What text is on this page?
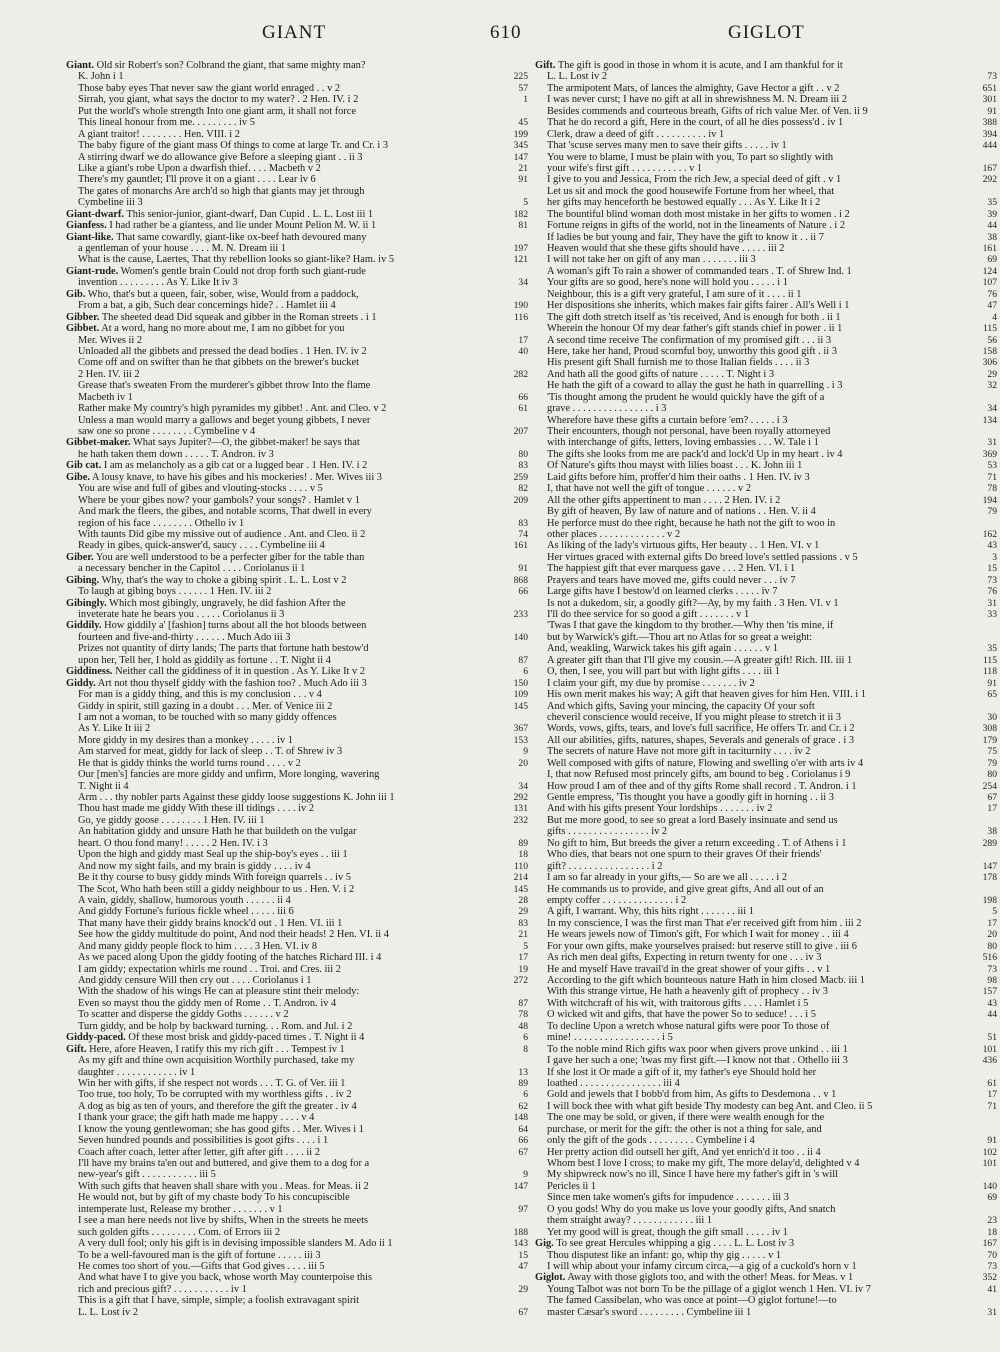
GIANT	610	GIGLOT
Giant. Old sir Robert's son? Colbrand the giant, that same mighty man?
K. John i 1	225
Those baby eyes That never saw the giant world enraged . . v 2	57
Sirrah, you giant, what says the doctor to my water? . 2 Hen. IV. i 2	1
Put the world's whole strength Into one giant arm, it shall not force
This lineal honour from me. . . . . . . . . iv 5	45
A giant traitor! . . . . . . . . Hen. VIII. i 2	199
The baby figure of the giant mass Of things to come at large Tr. and Cr. i 3	345
A stirring dwarf we do allowance give Before a sleeping giant . . ii 3	147
Like a giant's robe Upon a dwarfish thief. . . . Macbeth v 2	21
There's my gauntlet; I'll prove it on a giant . . . . Lear iv 6	91
The gates of monarchs Are arch'd so high that giants may jet through
Cymbeline iii 3	5
Giant-dwarf. This senior-junior, giant-dwarf, Dan Cupid . L. L. Lost iii 1	182
Gianfess. I had rather be a giantess, and lie under Mount Pelion M. W. ii 1	81
Giant-like. That same cowardly, giant-like ox-beef hath devoured many
a gentleman of your house . . . . M. N. Dream iii 1	197
What is the cause, Laertes, That thy rebellion looks so giant-like? Ham. iv 5	121
Giant-rude. Women's gentle brain Could not drop forth such giant-rude
invention . . . . . . . . . As Y. Like It iv 3	34
Gib. Who, that's but a queen, fair, sober, wise, Would from a paddock,
From a bat, a gib, Such dear concernings hide? . . Hamlet iii 4	190
Gibber. The sheeted dead Did squeak and gibber in the Roman streets . i 1	116
Gibbet. At a word, hang no more about me, I am no gibbet for you
Mer. Wives ii 2	17
Unloaded all the gibbets and pressed the dead bodies . 1 Hen. IV. iv 2	40
Come off and on swifter than he that gibbets on the brewer's bucket
2 Hen. IV. iii 2	282
Grease that's sweaten From the murderer's gibbet throw Into the flame
Macbeth iv 1	66
Rather make My country's high pyramides my gibbet! . Ant. and Cleo. v 2	61
Unless a man would marry a gallows and beget young gibbets, I never
saw one so prone . . . . . . . . Cymbeline v 4	207
Gibbet-maker. What says Jupiter?—O, the gibbet-maker! he says that
he hath taken them down . . . . . T. Andron. iv 3	80
Gib cat. I am as melancholy as a gib cat or a lugged bear . 1 Hen. IV. i 2	83
Gibe. A lousy knave, to have his gibes and his mockeries! . Mer. Wives iii 3	259
You are wise and full of gibes and vlouting-stocks . . . . v 5	82
Where be your gibes now? your gambols? your songs? . Hamlet v 1	209
And mark the fleers, the gibes, and notable scorns, That dwell in every
region of his face . . . . . . . . Othello iv 1	83
With taunts Did gibe my missive out of audience . Ant. and Cleo. ii 2	74
Ready in gibes, quick-answer'd, saucy . . . . Cymbeline iii 4	161
Giber. You are well understood to be a perfecter giber for the table than
a necessary bencher in the Capitol . . . . Coriolanus ii 1	91
Gibing. Why, that's the way to choke a gibing spirit . L. L. Lost v 2	868
To laugh at gibing boys . . . . . . 1 Hen. IV. iii 2	66
Gibingly. Which most gibingly, ungravely, he did fashion After the
inveterate hate he bears you . . . . . Coriolanus ii 3	233
Giddily. How giddily a' [fashion] turns about all the hot bloods between
fourteen and five-and-thirty . . . . . . Much Ado iii 3	140
Prizes not quantity of dirty lands; The parts that fortune hath bestow'd
upon her, Tell her, I hold as giddily as fortune . . T. Night ii 4	87
Giddiness. Neither call the giddiness of it in question . As Y. Like It v 2	6
Giddy. Art not thou thyself giddy with the fashion too? . Much Ado iii 3	150
For man is a giddy thing, and this is my conclusion . . . v 4	109
Giddy in spirit, still gazing in a doubt . . . Mer. of Venice iii 2	145
I am not a woman, to be touched with so many giddy offences
As Y. Like It iii 2	367
More giddy in my desires than a monkey . . . . . iv 1	153
Am starved for meat, giddy for lack of sleep . . T. of Shrew iv 3	9
He that is giddy thinks the world turns round . . . . v 2	20
Our [men's] fancies are more giddy and unfirm, More longing, wavering
T. Night ii 4	34
Arm . . . thy nobler parts Against these giddy loose suggestions K. John iii 1	292
Thou hast made me giddy With these ill tidings . . . . iv 2	131
Go, ye giddy goose . . . . . . . . 1 Hen. IV. iii 1	232
An habitation giddy and unsure Hath he that buildeth on the vulgar
heart. O thou fond many! . . . . . 2 Hen. IV. i 3	89
Upon the high and giddy mast Seal up the ship-boy's eyes . . iii 1	18
And now my sight fails, and my brain is giddy . . . . iv 4	110
Be it thy course to busy giddy minds With foreign quarrels . . iv 5	214
The Scot, Who hath been still a giddy neighbour to us . Hen. V. i 2	145
A vain, giddy, shallow, humorous youth . . . . . . ii 4	28
And giddy Fortune's furious fickle wheel . . . . . iii 6	29
That many have their giddy brains knock'd out . 1 Hen. VI. iii 1	83
See how the giddy multitude do point, And nod their heads! 2 Hen. VI. ii 4	21
And many giddy people flock to him . . . . 3 Hen. VI. iv 8	5
As we paced along Upon the giddy footing of the hatches Richard III. i 4	17
I am giddy; expectation whirls me round . . Troi. and Cres. iii 2	19
And giddy censure Will then cry out . . . . Coriolanus i 1	272
With the shadow of his wings He can at pleasure stint their melody:
Even so mayst thou the giddy men of Rome . . T. Andron. iv 4	87
To scatter and disperse the giddy Goths . . . . . . v 2	78
Turn giddy, and be holp by backward turning. . . Rom. and Jul. i 2	48
Giddy-paced. Of these most brisk and giddy-paced times . T. Night ii 4	6
Gift. Here, afore Heaven, I ratify this my rich gift . . . Tempest iv 1	8
As my gift and thine own acquisition Worthily purchased, take my
daughter . . . . . . . . . . . . iv 1	13
Win her with gifts, if she respect not words . . . T. G. of Ver. iii 1	89
Too true, too holy, To be corrupted with my worthless gifts . . iv 2	6
A dog as big as ten of yours, and therefore the gift the greater . iv 4	62
I thank your grace; the gift hath made me happy . . . . v 4	148
I know the young gentlewoman; she has good gifts . . Mer. Wives i 1	64
Seven hundred pounds and possibilities is goot gifts . . . . i 1	66
Coach after coach, letter after letter, gift after gift . . . . ii 2	67
I'll have my brains ta'en out and buttered, and give them to a dog for a
new-year's gift . . . . . . . . . . . iii 5	9
With such gifts that heaven shall share with you . Meas. for Meas. ii 2	147
He would not, but by gift of my chaste body To his concupiscible
intemperate lust, Release my brother . . . . . . . v 1	97
I see a man here needs not live by shifts, When in the streets he meets
such golden gifts . . . . . . . . . Com. of Errors iii 2	188
A very dull fool; only his gift is in devising impossible slanders M. Ado ii 1	143
To be a well-favoured man is the gift of fortune . . . . . iii 3	15
He comes too short of you.—Gifts that God gives . . . . iii 5	47
And what have I to give you back, whose worth May counterpoise this
rich and precious gift? . . . . . . . . . . . iv 1	29
This is a gift that I have, simple, simple; a foolish extravagant spirit
L. L. Lost iv 2	67
Gift. The gift is good in those in whom it is acute, and I am thankful for it
L. L. Lost iv 2	73
The armipotent Mars, of lances the almighty, Gave Hector a gift . . v 2	651
I was never curst; I have no gift at all in shrewishness M. N. Dream iii 2	301
Besides commends and courteous breath, Gifts of rich value Mer. of Ven. ii 9	91
That he do record a gift, Here in the court, of all he dies possess'd . iv 1	388
Clerk, draw a deed of gift . . . . . . . . . . iv 1	394
That 'scuse serves many men to save their gifts . . . . . iv 1	444
You were to blame, I must be plain with you, To part so slightly with
your wife's first gift . . . . . . . . . . . v 1	167
I give to you and Jessica, From the rich Jew, a special deed of gift . v 1	292
Let us sit and mock the good housewife Fortune from her wheel, that
her gifts may henceforth be bestowed equally . . . As Y. Like It i 2	35
The bountiful blind woman doth most mistake in her gifts to women . i 2	39
Fortune reigns in gifts of the world, not in the lineaments of Nature . i 2	44
If ladies be but young and fair, They have the gift to know it . . ii 7	38
Heaven would that she these gifts should have . . . . . iii 2	161
I will not take her on gift of any man . . . . . . . iii 3	69
A woman's gift To rain a shower of commanded tears . T. of Shrew Ind. 1	124
Your gifts are so good, here's none will hold you . . . . . i 1	107
Neighbour, this is a gift very grateful, I am sure of it . . . . ii 1	76
Her dispositions she inherits, which makes fair gifts fairer . All's Well i 1	47
The gift doth stretch itself as 'tis received, And is enough for both . ii 1	4
Wherein the honour Of my dear father's gift stands chief in power . ii 1	115
A second time receive The confirmation of my promised gift . . . ii 3	56
Here, take her hand, Proud scornful boy, unworthy this good gift . ii 3	158
His present gift Shall furnish me to those Italian fields . . . . ii 3	306
And hath all the good gifts of nature . . . . . T. Night i 3	29
He hath the gift of a coward to allay the gust he hath in quarrelling . i 3	32
'Tis thought among the prudent he would quickly have the gift of a
grave . . . . . . . . . . . . . . . . i 3	34
Wherefore have these gifts a curtain before 'em? . . . . . i 3	134
Their encounters, though not personal, have been royally attorneyed
with interchange of gifts, letters, loving embassies . . . W. Tale i 1	31
The gifts she looks from me are pack'd and lock'd Up in my heart . iv 4	369
Of Nature's gifts thou mayst with lilies boast . . . K. John iii 1	53
Laid gifts before him, proffer'd him their oaths . 1 Hen. IV. iv 3	71
I, that have not well the gift of tongue . . . . . . v 2	78
All the other gifts appertinent to man . . . . 2 Hen. IV. i 2	194
By gift of heaven, By law of nature and of nations . . Hen. V. ii 4	79
He perforce must do thee right, because he hath not the gift to woo in
other places . . . . . . . . . . . . . v 2	162
As liking of the lady's virtuous gifts, Her beauty . . 1 Hen. VI. v 1	43
Her virtues graced with external gifts Do breed love's settled passions . v 5	3
The happiest gift that ever marquess gave . . . 2 Hen. VI. i 1	15
Prayers and tears have moved me, gifts could never . . . iv 7	73
Large gifts have I bestow'd on learned clerks . . . . . iv 7	76
Is not a dukedom, sir, a goodly gift?—Ay, by my faith . 3 Hen. VI. v 1	31
I'll do thee service for so good a gift . . . . . . . v 1	33
'Twas I that gave the kingdom to thy brother.—Why then 'tis mine, if
but by Warwick's gift.—Thou art no Atlas for so great a weight:
And, weakling, Warwick takes his gift again . . . . . . v 1	35
A greater gift than that I'll give my cousin.—A greater gift! Rich. III. iii 1	115
O, then, I see, you will part but with light gifts . . . . iii 1	118
I claim your gift, my due by promise . . . . . . . iv 2	91
His own merit makes his way; A gift that heaven gives for him Hen. VIII. i 1	65
And which gifts, Saving your mincing, the capacity Of your soft
cheveril conscience would receive, If you might please to stretch it ii 3	30
Words, vows, gifts, tears, and love's full sacrifice, He offers Tr. and Cr. i 2	308
All our abilities, gifts, natures, shapes, Severals and generals of grace . i 3	179
The secrets of nature Have not more gift in taciturnity . . . . iv 2	75
Well composed with gifts of nature, Flowing and swelling o'er with arts iv 4	79
I, that now Refused most princely gifts, am bound to beg . Coriolanus i 9	80
How proud I am of thee and of thy gifts Rome shall record . T. Andron. i 1	254
Gentle empress, 'Tis thought you have a goodly gift in horning . . ii 3	67
And with his gifts present Your lordships . . . . . . . iv 2	17
But me more good, to see so great a lord Basely insinuate and send us
gifts . . . . . . . . . . . . . . . . iv 2	38
No gift to him, But breeds the giver a return exceeding . T. of Athens i 1	289
Who dies, that bears not one spurn to their graves Of their friends'
gift? . . . . . . . . . . . . . . . . i 2	147
I am so far already in your gifts,— So are we all . . . . . i 2	178
He commands us to provide, and give great gifts, And all out of an
empty coffer . . . . . . . . . . . . . . i 2	198
A gift, I warrant. Why, this hits right . . . . . . . iii 1	5
In my conscience, I was the first man That e'er received gift from him . iii 2	17
He wears jewels now of Timon's gift, For which I wait for money . . iii 4	20
For your own gifts, make yourselves praised: but reserve still to give . iii 6	80
As rich men deal gifts, Expecting in return twenty for one . . . iv 3	516
He and myself Have travail'd in the great shower of your gifts . . v 1	73
According to the gift which bounteous nature Hath in him closed Macb. iii 1	98
With this strange virtue, He hath a heavenly gift of prophecy . . iv 3	157
With witchcraft of his wit, with traitorous gifts . . . . Hamlet i 5	43
O wicked wit and gifts, that have the power So to seduce! . . . i 5	44
To decline Upon a wretch whose natural gifts were poor To those of
mine! . . . . . . . . . . . . . . . . . i 5	51
To the noble mind Rich gifts wax poor when givers prove unkind . . iii 1	101
I gave her such a one; 'twas my first gift.—I know not that . Othello iii 3	436
If she lost it Or made a gift of it, my father's eye Should hold her
loathed . . . . . . . . . . . . . . . . iii 4	61
Gold and jewels that I bobb'd from him, As gifts to Desdemona . . v 1	17
I will bock thee with what gift beside Thy modesty can beg Ant. and Cleo. ii 5	71
The one may be sold, or given, if there were wealth enough for the
purchase, or merit for the gift: the other is not a thing for sale, and
only the gift of the gods . . . . . . . . . Cymbeline i 4	91
Her pretty action did outsell her gift, And yet enrich'd it too . . ii 4	102
Whom best I love I cross; to make my gift, The more delay'd, delighted v 4	101
My shipwreck now's no ill, Since I have here my father's gift in 's will
Pericles ii 1	140
Since men take women's gifts for impudence . . . . . . . iii 3	69
O you gods! Why do you make us love your goodly gifts, And snatch
them straight away? . . . . . . . . . . . . iii 1	23
Yet my good will is great, though the gift small . . . . . iv 1	18
Gig. To see great Hercules whipping a gig . . . . L. L. Lost iv 3	167
Thou disputest like an infant: go, whip thy gig . . . . . v 1	70
I will whip about your infamy circum circa,—a gig of a cuckold's horn v 1	73
Giglot. Away with those giglots too, and with the other! Meas. for Meas. v 1	352
Young Talbot was not born To be the pillage of a giglot wench 1 Hen. VI. iv 7	41
The famed Cassibelan, who was once at point—O giglot fortune!—to
master Cæsar's sword . . . . . . . . . Cymbeline iii 1	31
